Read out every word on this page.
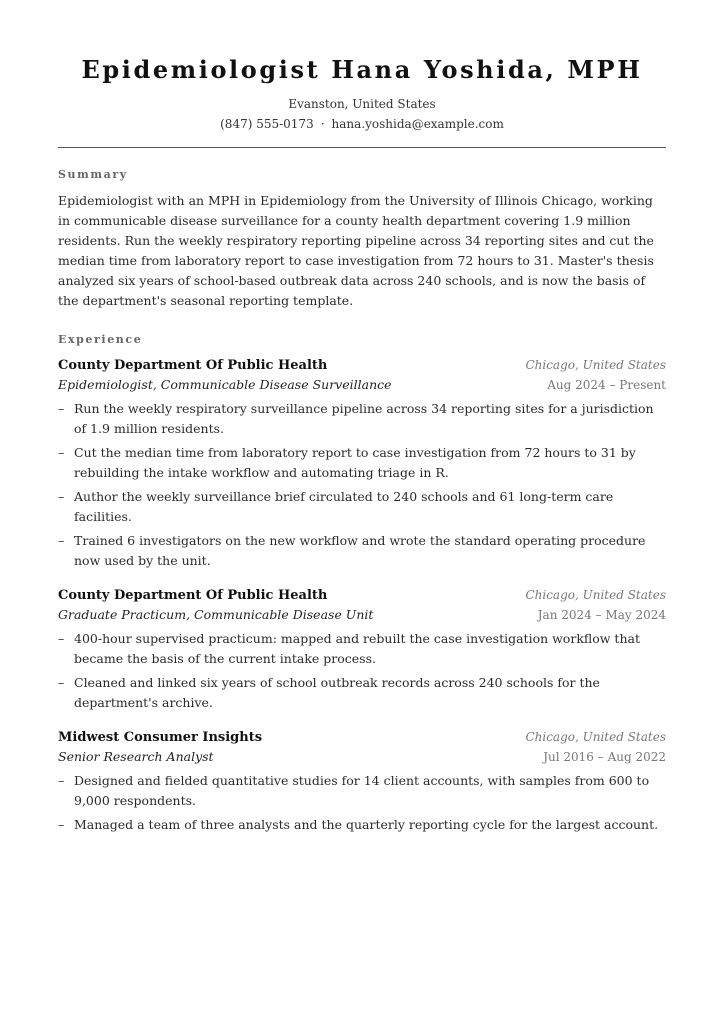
Epidemiologist Hana Yoshida, MPH
Evanston, United States
(847) 555-0173 · hana.yoshida@example.com
Summary

Epidemiologist with an MPH in Epidemiology from the University of Illinois Chicago, working in communicable disease surveillance for a county health department covering 1.9 million residents. Run the weekly respiratory reporting pipeline across 34 reporting sites and cut the median time from laboratory report to case investigation from 72 hours to 31. Master's thesis analyzed six years of school-based outbreak data across 240 schools, and is now the basis of the department's seasonal reporting template.

Experience
County Department Of Public Health	Chicago, United States
Epidemiologist, Communicable Disease Surveillance	Aug 2024 – Present
– Run the weekly respiratory surveillance pipeline across 34 reporting sites for a jurisdiction of 1.9 million residents.
– Cut the median time from laboratory report to case investigation from 72 hours to 31 by rebuilding the intake workflow and automating triage in R.
– Author the weekly surveillance brief circulated to 240 schools and 61 long-term care facilities.
– Trained 6 investigators on the new workflow and wrote the standard operating procedure now used by the unit.
County Department Of Public Health	Chicago, United States
Graduate Practicum, Communicable Disease Unit	Jan 2024 – May 2024
– 400-hour supervised practicum: mapped and rebuilt the case investigation workflow that became the basis of the current intake process.
– Cleaned and linked six years of school outbreak records across 240 schools for the department's archive.
Midwest Consumer Insights	Chicago, United States
Senior Research Analyst	Jul 2016 – Aug 2022
– Designed and fielded quantitative studies for 14 client accounts, with samples from 600 to 9,000 respondents.
– Managed a team of three analysts and the quarterly reporting cycle for the largest account.
